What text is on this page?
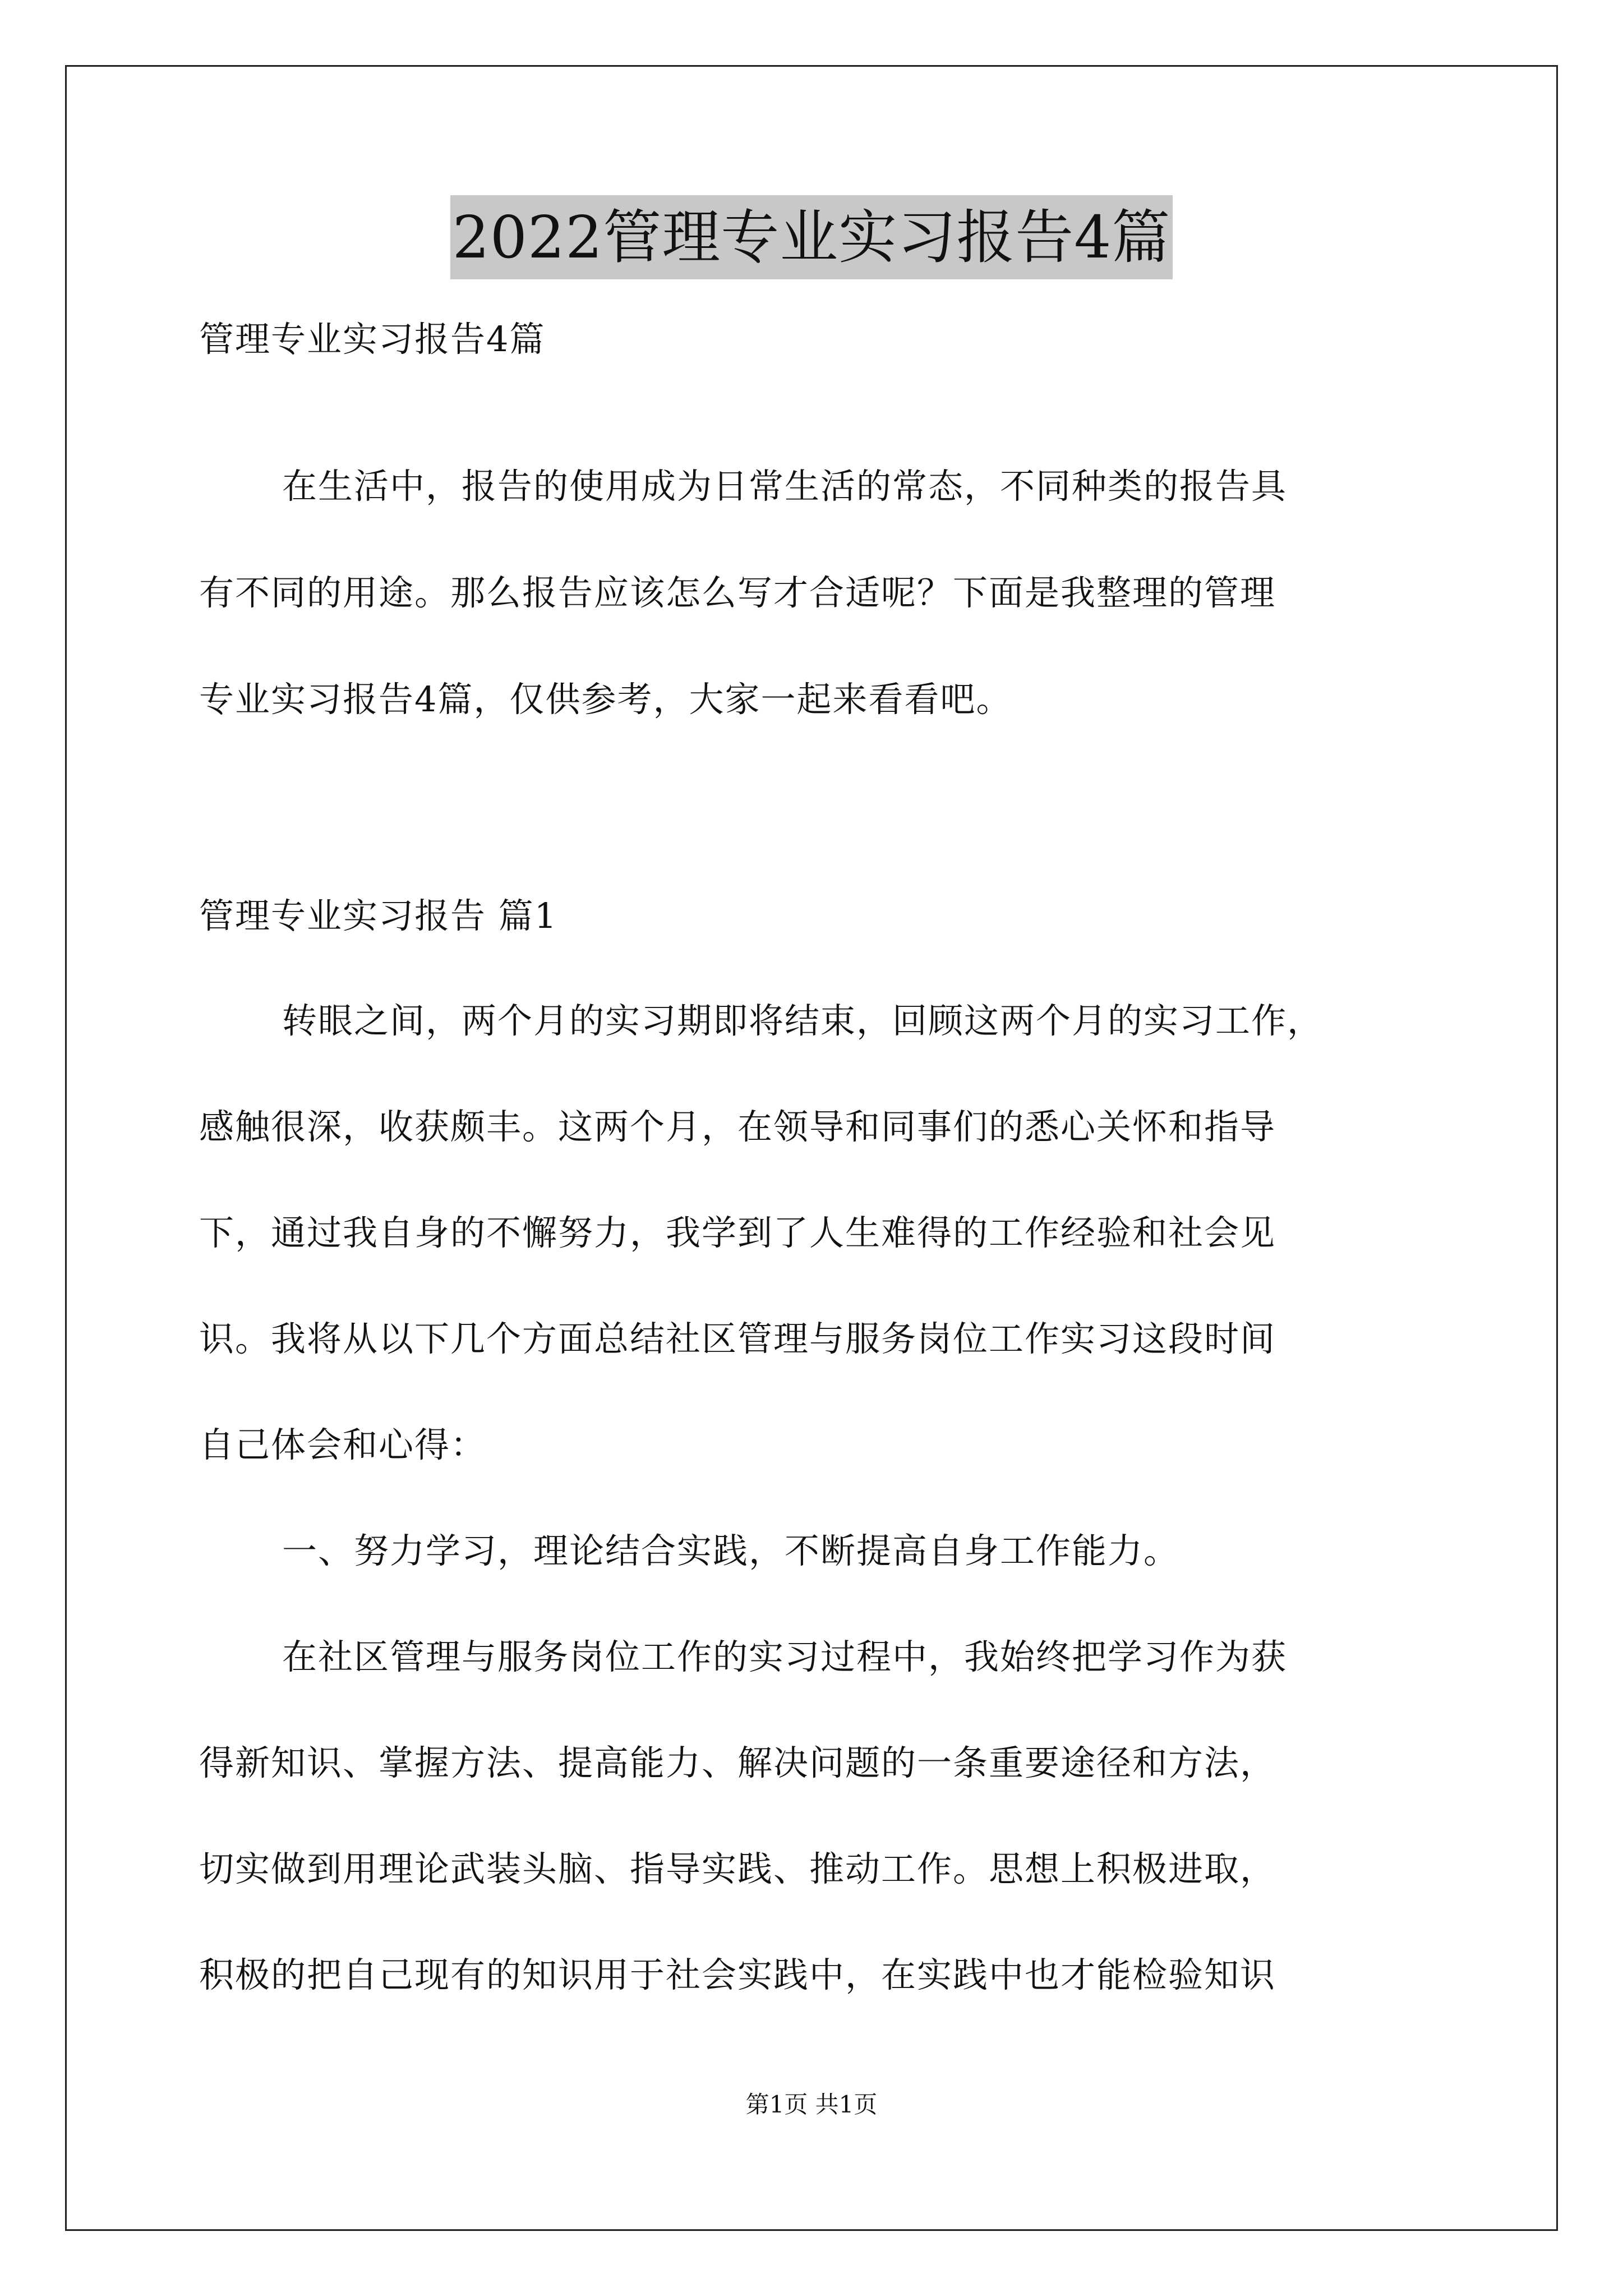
2022管理专业实习报告4篇
管理专业实习报告4篇
在生活中，报告的使用成为日常生活的常态，不同种类的报告具
有不同的用途。那么报告应该怎么写才合适呢？下面是我整理的管理
专业实习报告4篇，仅供参考，大家一起来看看吧。
管理专业实习报告 篇1
转眼之间，两个月的实习期即将结束，回顾这两个月的实习工作，
感触很深，收获颇丰。这两个月，在领导和同事们的悉心关怀和指导
下，通过我自身的不懈努力，我学到了人生难得的工作经验和社会见
识。我将从以下几个方面总结社区管理与服务岗位工作实习这段时间
自己体会和心得：
一、努力学习，理论结合实践，不断提高自身工作能力。
在社区管理与服务岗位工作的实习过程中，我始终把学习作为获
得新知识、掌握方法、提高能力、解决问题的一条重要途径和方法，
切实做到用理论武装头脑、指导实践、推动工作。思想上积极进取，
积极的把自己现有的知识用于社会实践中，在实践中也才能检验知识
第1页 共1页
